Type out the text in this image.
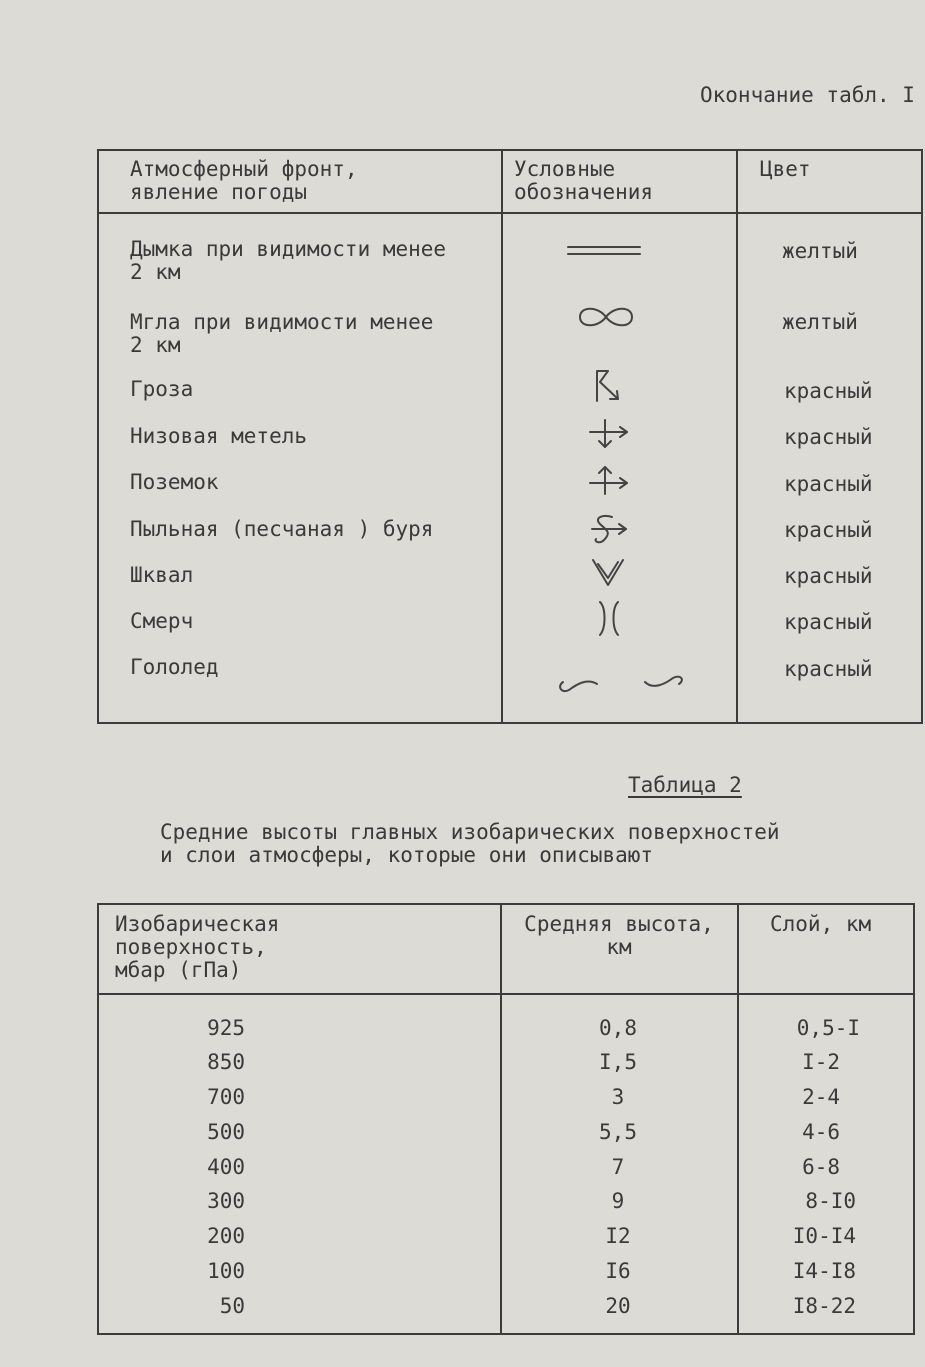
Окончание табл. I
Атмосферный фронт,
явление погоды
Условные
обозначения
Цвет
Дымка при видимости менее
2 км
Мгла при видимости менее
2 км
Гроза
Низовая метель
Поземок
Пыльная (песчаная ) буря
Шквал
Смерч
Гололед
желтый
желтый
красный
красный
красный
красный
красный
красный
красный
Таблица 2
Средние высоты главных изобарических поверхностей
и слои атмосферы, которые они описывают
Изобарическая
поверхность,
мбар (гПа)
Средняя высота,
км
Слой, км
925
850
700
500
400
300
200
100
50
0,8
I,5
3
5,5
7
9
I2
I6
20
0,5-I
I-2
2-4
4-6
6-8
8-I0
I0-I4
I4-I8
I8-22
